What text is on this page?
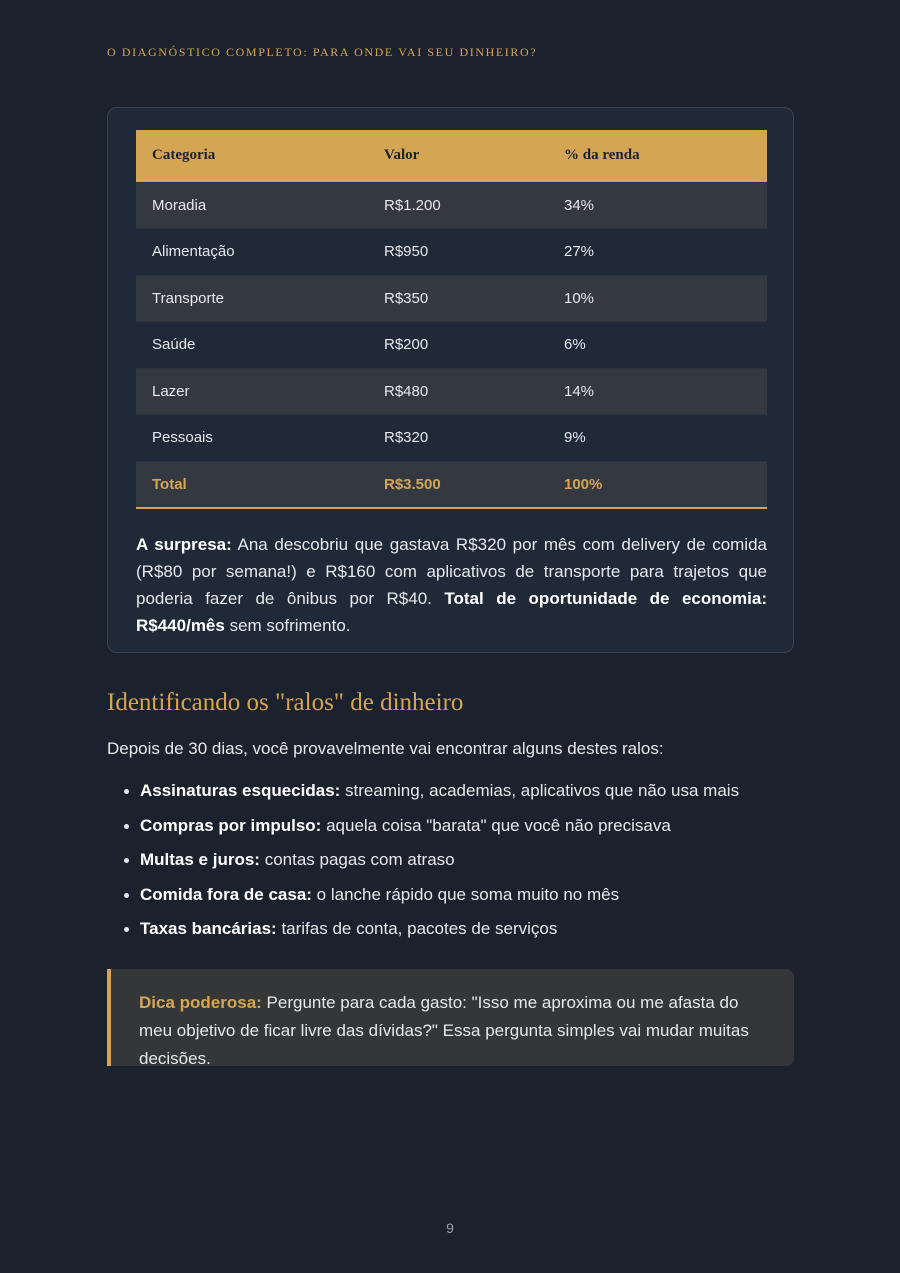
O DIAGNÓSTICO COMPLETO: PARA ONDE VAI SEU DINHEIRO?
Categoria	Valor	% da renda
Moradia	R$1.200	34%
Alimentação	R$950	27%
Transporte	R$350	10%
Saúde	R$200	6%
Lazer	R$480	14%
Pessoais	R$320	9%
Total	R$3.500	100%

A surpresa: Ana descobriu que gastava R$320 por mês com delivery de comida (R$80 por semana!) e R$160 com aplicativos de transporte para trajetos que poderia fazer de ônibus por R$40. Total de oportunidade de economia: R$440/mês sem sofrimento.

Identificando os "ralos" de dinheiro

Depois de 30 dias, você provavelmente vai encontrar alguns destes ralos:

Assinaturas esquecidas: streaming, academias, aplicativos que não usa mais
Compras por impulso: aquela coisa "barata" que você não precisava
Multas e juros: contas pagas com atraso
Comida fora de casa: o lanche rápido que soma muito no mês
Taxas bancárias: tarifas de conta, pacotes de serviços
Dica poderosa: Pergunte para cada gasto: "Isso me aproxima ou me afasta do meu objetivo de ficar livre das dívidas?" Essa pergunta simples vai mudar muitas decisões.
9
